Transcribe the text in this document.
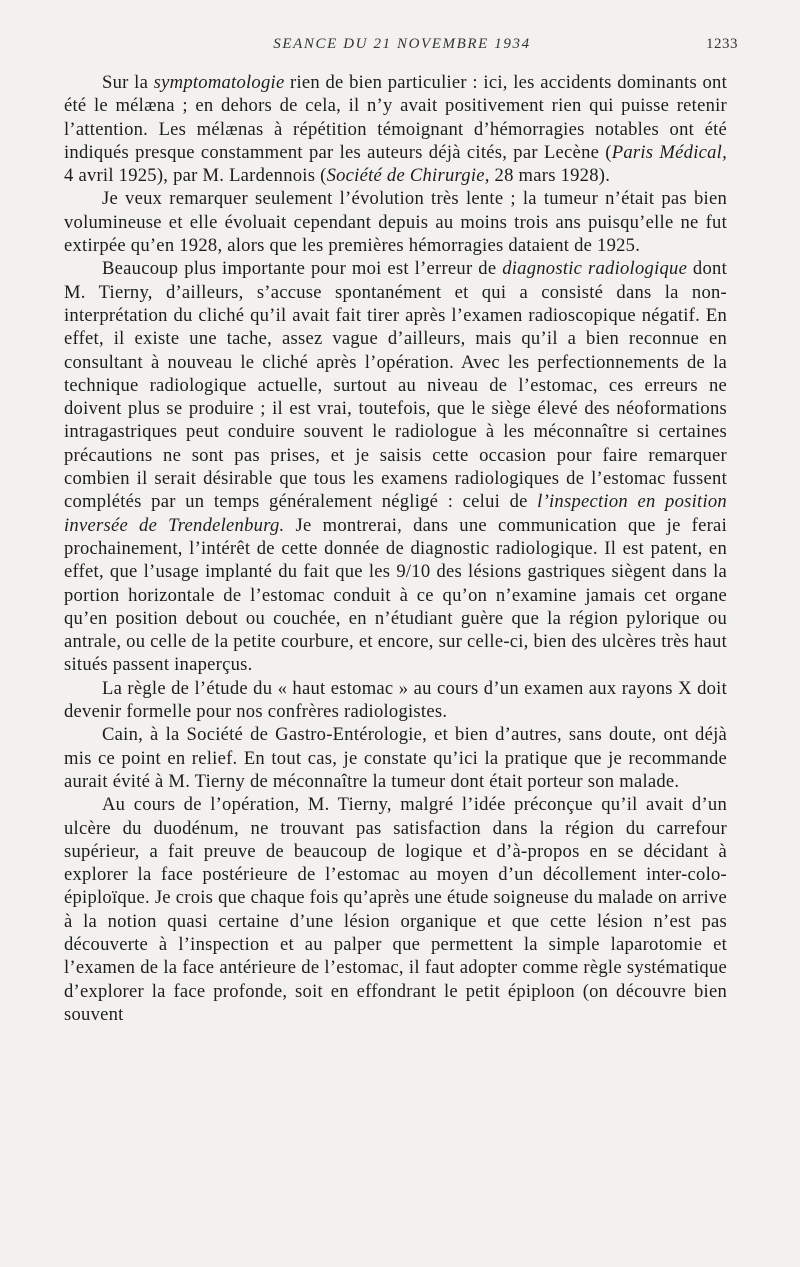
SEANCE DU 21 NOVEMBRE 1934	1233

Sur la symptomatologie rien de bien particulier : ici, les accidents dominants ont été le mélæna ; en dehors de cela, il n’y avait positivement rien qui puisse retenir l’attention. Les mélænas à répétition témoignant d’hémorragies notables ont été indiqués presque constamment par les auteurs déjà cités, par Lecène (Paris Médical, 4 avril 1925), par M. Lardennois (Société de Chirurgie, 28 mars 1928).

Je veux remarquer seulement l’évolution très lente ; la tumeur n’était pas bien volumineuse et elle évoluait cependant depuis au moins trois ans puisqu’elle ne fut extirpée qu’en 1928, alors que les premières hémorragies dataient de 1925.

Beaucoup plus importante pour moi est l’erreur de diagnostic radiologique dont M. Tierny, d’ailleurs, s’accuse spontanément et qui a consisté dans la non-interprétation du cliché qu’il avait fait tirer après l’examen radioscopique négatif. En effet, il existe une tache, assez vague d’ailleurs, mais qu’il a bien reconnue en consultant à nouveau le cliché après l’opération. Avec les perfectionnements de la technique radiologique actuelle, surtout au niveau de l’estomac, ces erreurs ne doivent plus se produire ; il est vrai, toutefois, que le siège élevé des néoformations intragastriques peut conduire souvent le radiologue à les méconnaître si certaines précautions ne sont pas prises, et je saisis cette occasion pour faire remarquer combien il serait désirable que tous les examens radiologiques de l’estomac fussent complétés par un temps généralement négligé : celui de l’inspection en position inversée de Trendelenburg. Je montrerai, dans une communication que je ferai prochainement, l’intérêt de cette donnée de diagnostic radiologique. Il est patent, en effet, que l’usage implanté du fait que les 9/10 des lésions gastriques siègent dans la portion horizontale de l’estomac conduit à ce qu’on n’examine jamais cet organe qu’en position debout ou couchée, en n’étudiant guère que la région pylorique ou antrale, ou celle de la petite courbure, et encore, sur celle-ci, bien des ulcères très haut situés passent inaperçus.

La règle de l’étude du « haut estomac » au cours d’un examen aux rayons X doit devenir formelle pour nos confrères radiologistes.

Cain, à la Société de Gastro-Entérologie, et bien d’autres, sans doute, ont déjà mis ce point en relief. En tout cas, je constate qu’ici la pratique que je recommande aurait évité à M. Tierny de méconnaître la tumeur dont était porteur son malade.

Au cours de l’opération, M. Tierny, malgré l’idée préconçue qu’il avait d’un ulcère du duodénum, ne trouvant pas satisfaction dans la région du carrefour supérieur, a fait preuve de beaucoup de logique et d’à-propos en se décidant à explorer la face postérieure de l’estomac au moyen d’un décollement inter-colo-épiploïque. Je crois que chaque fois qu’après une étude soigneuse du malade on arrive à la notion quasi certaine d’une lésion organique et que cette lésion n’est pas découverte à l’inspection et au palper que permettent la simple laparotomie et l’examen de la face antérieure de l’estomac, il faut adopter comme règle systématique d’explorer la face profonde, soit en effondrant le petit épiploon (on découvre bien souvent
